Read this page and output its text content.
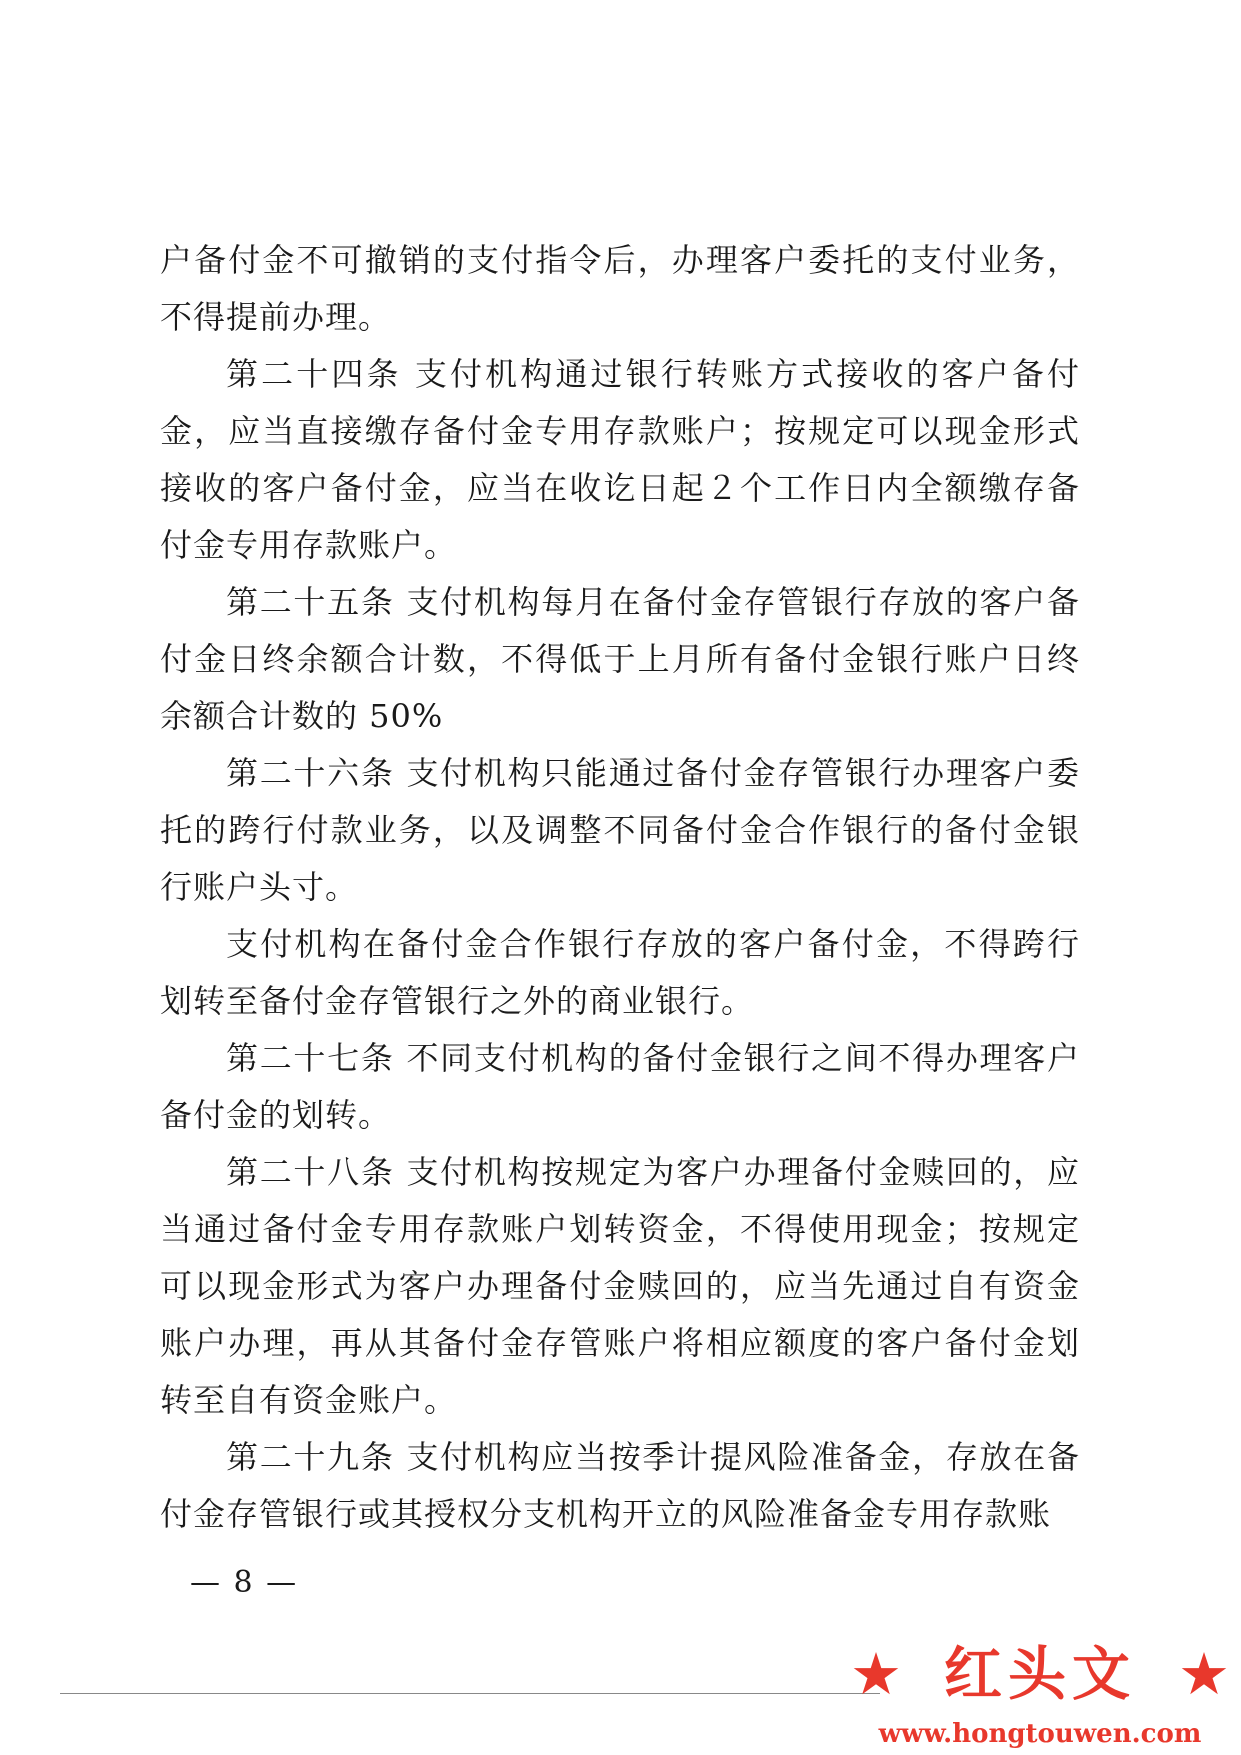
户备付金不可撤销的支付指令后，办理客户委托的支付业务，不得提前办理。

第二十四条 支付机构通过银行转账方式接收的客户备付金，应当直接缴存备付金专用存款账户；按规定可以现金形式接收的客户备付金，应当在收讫日起２个工作日内全额缴存备付金专用存款账户。

第二十五条 支付机构每月在备付金存管银行存放的客户备付金日终余额合计数，不得低于上月所有备付金银行账户日终余额合计数的 50%

第二十六条 支付机构只能通过备付金存管银行办理客户委托的跨行付款业务，以及调整不同备付金合作银行的备付金银行账户头寸。

支付机构在备付金合作银行存放的客户备付金，不得跨行划转至备付金存管银行之外的商业银行。

第二十七条 不同支付机构的备付金银行之间不得办理客户备付金的划转。

第二十八条 支付机构按规定为客户办理备付金赎回的，应当通过备付金专用存款账户划转资金，不得使用现金；按规定可以现金形式为客户办理备付金赎回的，应当先通过自有资金账户办理，再从其备付金存管账户将相应额度的客户备付金划转至自有资金账户。

第二十九条 支付机构应当按季计提风险准备金，存放在备付金存管银行或其授权分支机构开立的风险准备金专用存款账

— 8 —
★ 红头文 ★
www.hongtouwen.com
